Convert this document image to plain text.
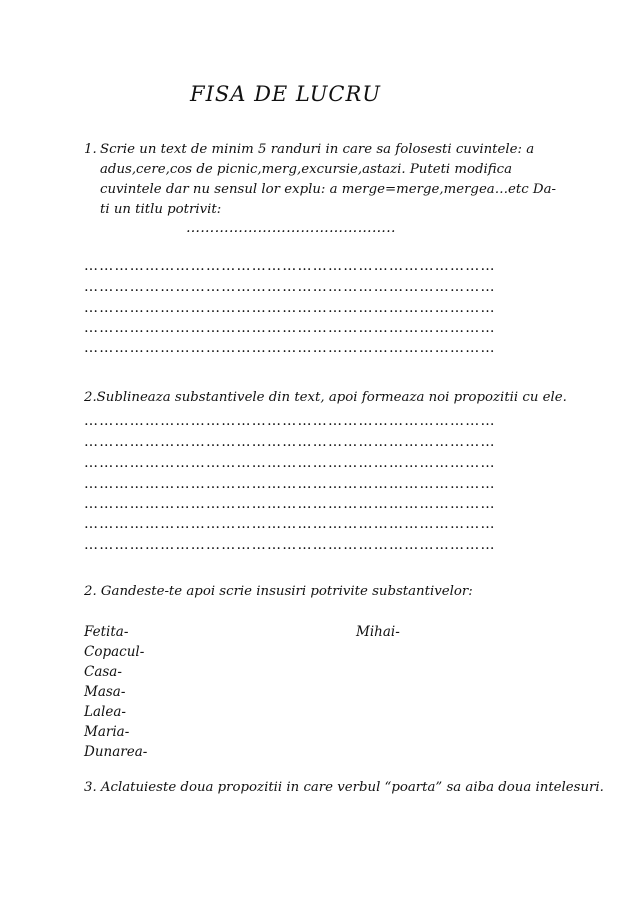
FISA DE LUCRU
1. Scrie un text de minim 5 randuri in care sa folosesti cuvintele: a adus,cere,cos de picnic,merg,excursie,astazi. Puteti modifica cuvintele dar nu sensul lor explu: a merge=merge,mergea…etc Da-ti un titlu potrivit:
……………………………………..
………………………………………………………………………
………………………………………………………………………
………………………………………………………………………
………………………………………………………………………
………………………………………………………………………
2.Sublineaza substantivele din text, apoi formeaza noi propozitii cu ele.
………………………………………………………………………
………………………………………………………………………
………………………………………………………………………
………………………………………………………………………
………………………………………………………………………
………………………………………………………………………
………………………………………………………………………
2. Gandeste-te apoi scrie insusiri potrivite substantivelor:
Fetita-	Mihai-
Copacul-
Casa-
Masa-
Lalea-
Maria-
Dunarea-
3. Aclatuieste doua propozitii in care verbul “poarta” sa aiba doua intelesuri.
